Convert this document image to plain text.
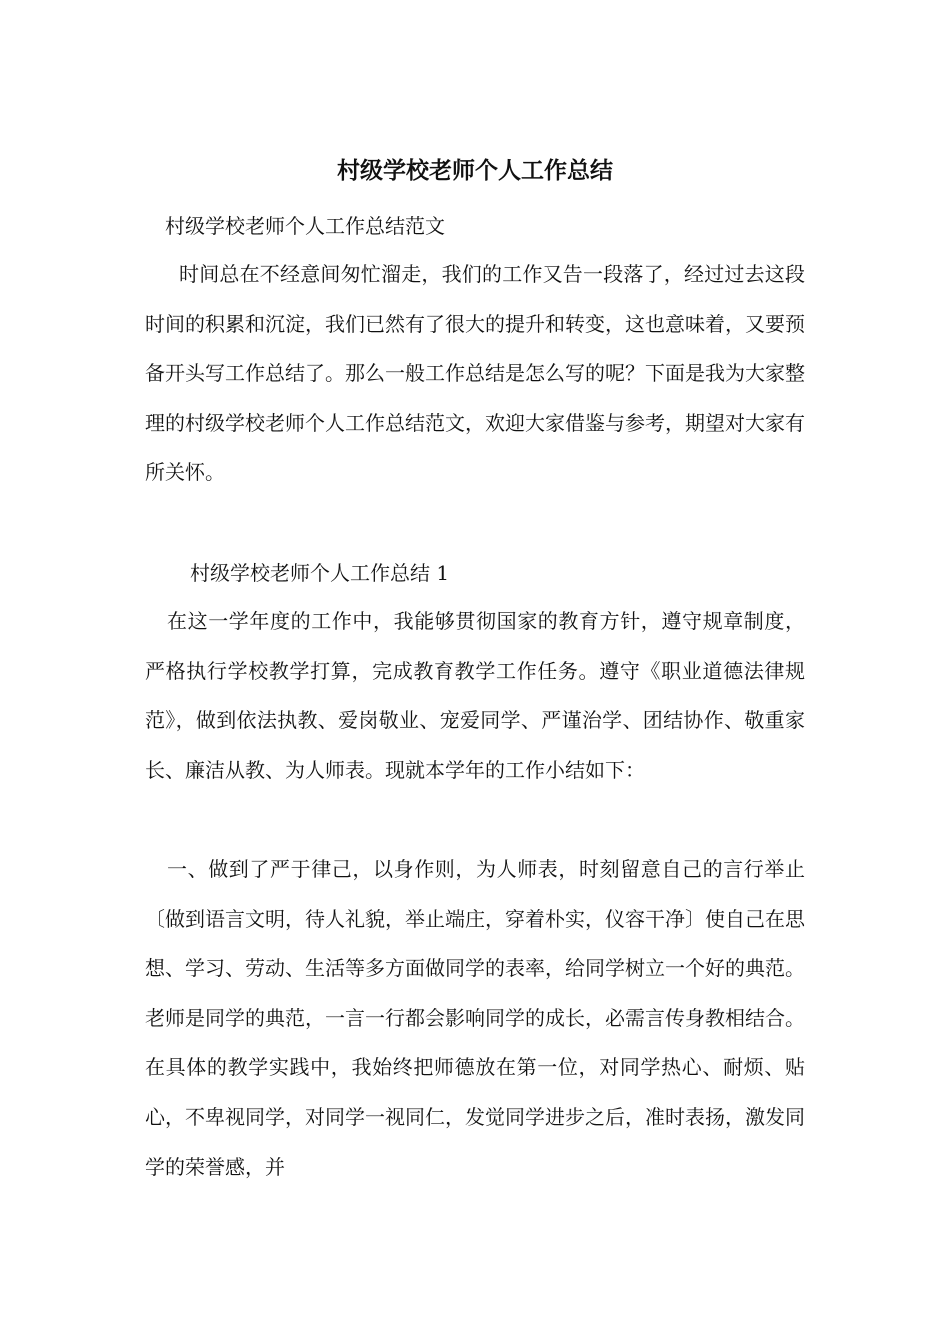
村级学校老师个人工作总结
村级学校老师个人工作总结范文

时间总在不经意间匆忙溜走，我们的工作又告一段落了，经过过去这段时间的积累和沉淀，我们已然有了很大的提升和转变，这也意味着，又要预备开头写工作总结了。那么一般工作总结是怎么写的呢？下面是我为大家整理的村级学校老师个人工作总结范文，欢迎大家借鉴与参考，期望对大家有所关怀。

村级学校老师个人工作总结 1

在这一学年度的工作中，我能够贯彻国家的教育方针，遵守规章制度，严格执行学校教学打算，完成教育教学工作任务。遵守《职业道德法律规范》，做到依法执教、爱岗敬业、宠爱同学、严谨治学、团结协作、敬重家长、廉洁从教、为人师表。现就本学年的工作小结如下：

一、做到了严于律己，以身作则，为人师表，时刻留意自己的言行举止〔做到语言文明，待人礼貌，举止端庄，穿着朴实，仪容干净〕使自己在思想、学习、劳动、生活等多方面做同学的表率，给同学树立一个好的典范。老师是同学的典范，一言一行都会影响同学的成长，必需言传身教相结合。在具体的教学实践中，我始终把师德放在第一位，对同学热心、耐烦、贴心，不卑视同学，对同学一视同仁，发觉同学进步之后，准时表扬，激发同学的荣誉感，并
